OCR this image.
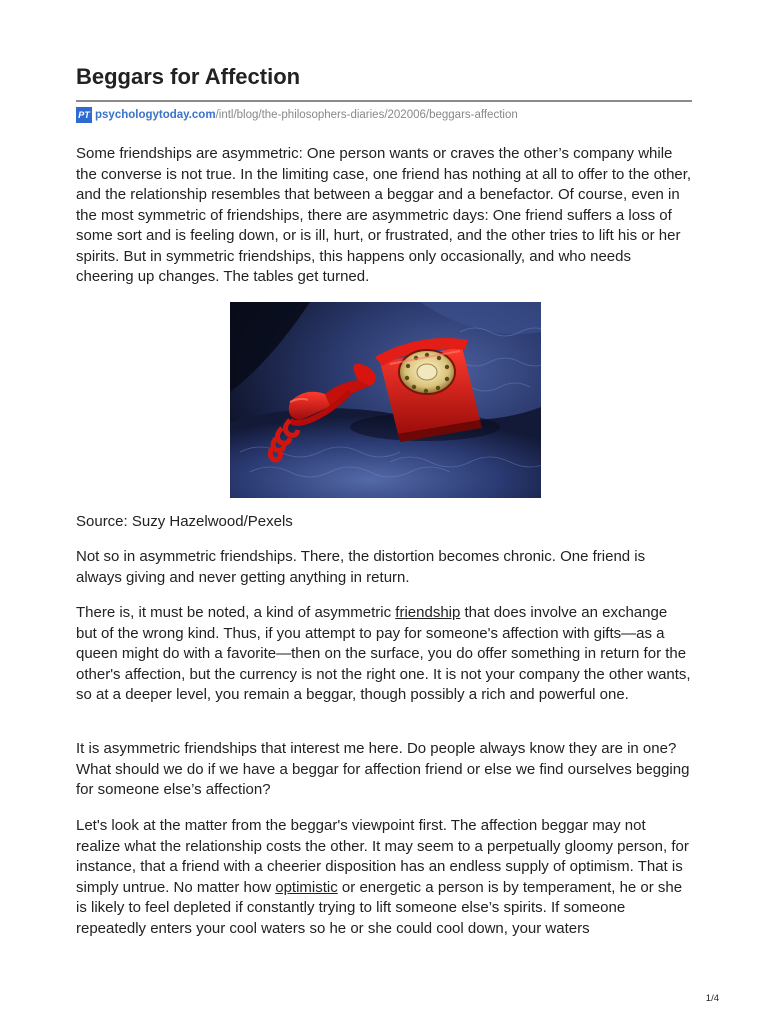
Beggars for Affection
PT psychologytoday.com /intl/blog/the-philosophers-diaries/202006/beggars-affection

Some friendships are asymmetric: One person wants or craves the other’s company while the converse is not true. In the limiting case, one friend has nothing at all to offer to the other, and the relationship resembles that between a beggar and a benefactor. Of course, even in the most symmetric of friendships, there are asymmetric days: One friend suffers a loss of some sort and is feeling down, or is ill, hurt, or frustrated, and the other tries to lift his or her spirits. But in symmetric friendships, this happens only occasionally, and who needs cheering up changes. The tables get turned.

Source: Suzy Hazelwood/Pexels

Not so in asymmetric friendships. There, the distortion becomes chronic. One friend is always giving and never getting anything in return.

There is, it must be noted, a kind of asymmetric friendship that does involve an exchange but of the wrong kind. Thus, if you attempt to pay for someone's affection with gifts—as a queen might do with a favorite—then on the surface, you do offer something in return for the other's affection, but the currency is not the right one. It is not your company the other wants, so at a deeper level, you remain a beggar, though possibly a rich and powerful one.

It is asymmetric friendships that interest me here. Do people always know they are in one? What should we do if we have a beggar for affection friend or else we find ourselves begging for someone else’s affection?

Let's look at the matter from the beggar's viewpoint first. The affection beggar may not realize what the relationship costs the other. It may seem to a perpetually gloomy person, for instance, that a friend with a cheerier disposition has an endless supply of optimism. That is simply untrue. No matter how optimistic or energetic a person is by temperament, he or she is likely to feel depleted if constantly trying to lift someone else’s spirits. If someone repeatedly enters your cool waters so he or she could cool down, your waters

1/4
